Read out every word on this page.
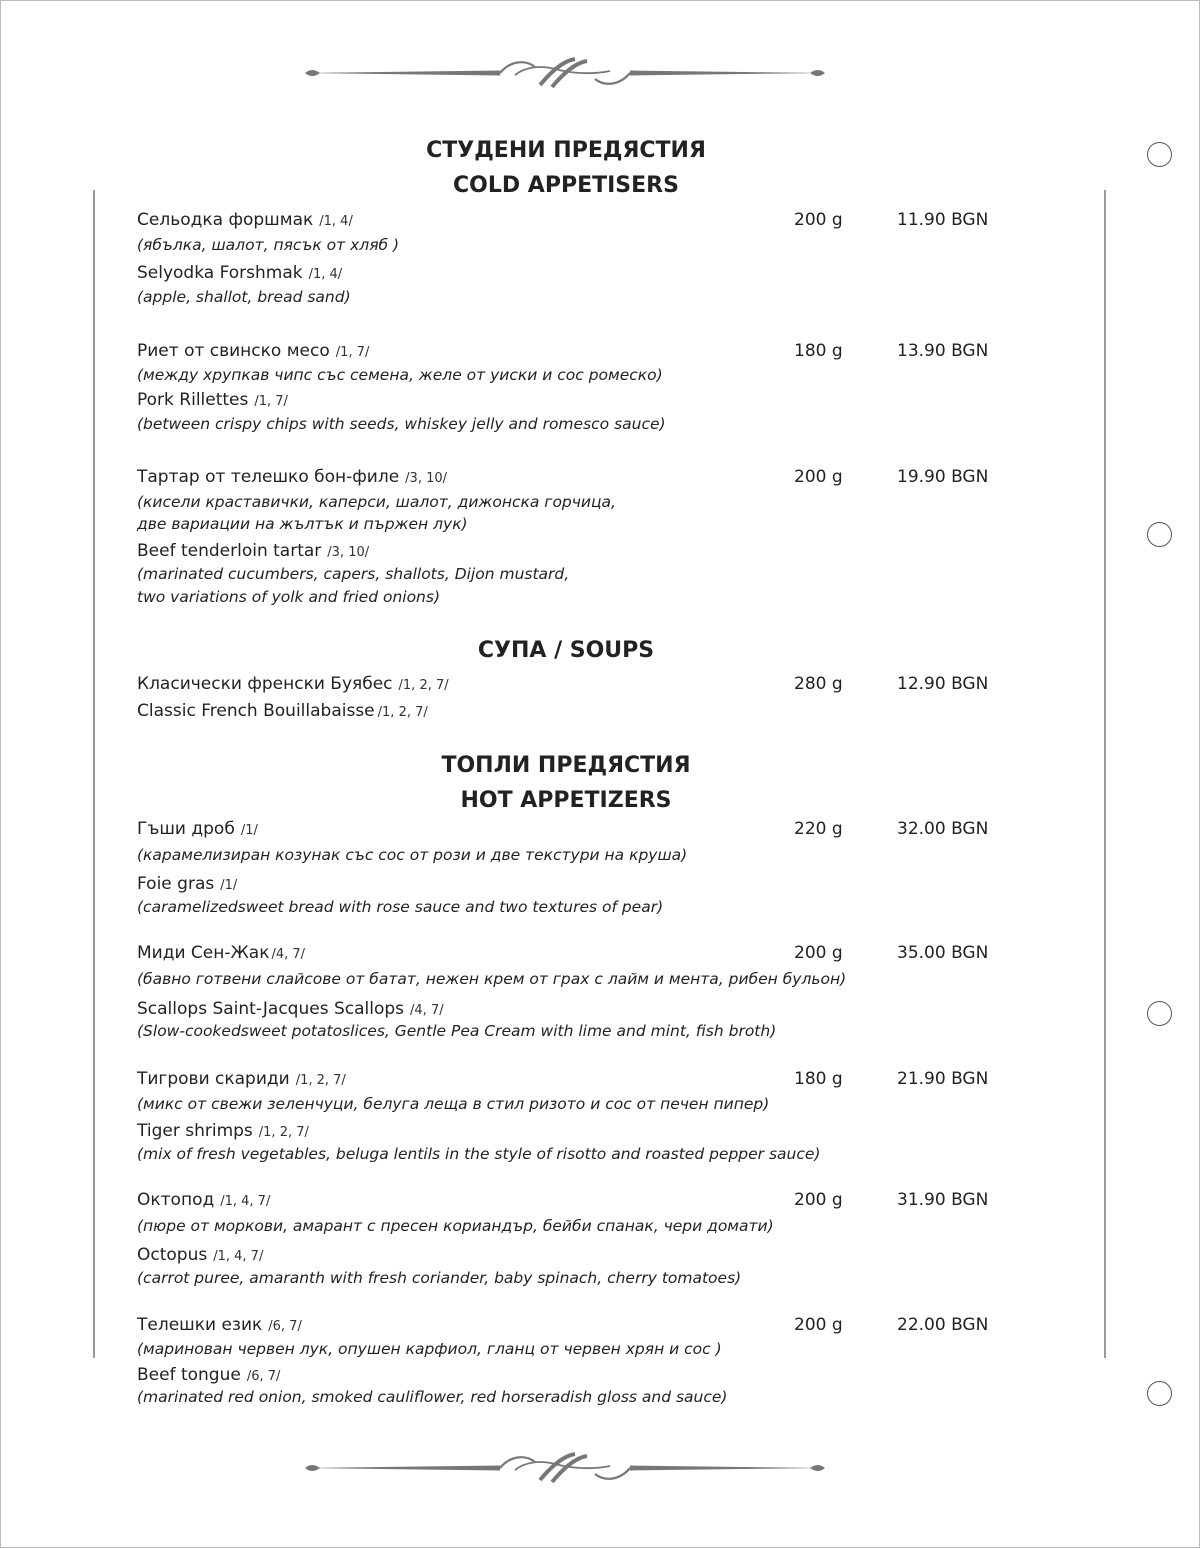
СТУДЕНИ ПРЕДЯСТИЯ
COLD APPETISERS
Сельодка форшмак /1, 4/	200 g	11.90 BGN
(ябълка, шалот, пясък от хляб )
Selyodka Forshmak /1, 4/
(apple, shallot, bread sand)
Риет от свинско месо /1, 7/	180 g	13.90 BGN
(между хрупкав чипс със семена, желе от уиски и сос ромеско)
Pork Rillettes /1, 7/
(between crispy chips with seeds, whiskey jelly and romesco sauce)
Тартар от телешко бон-филе /3, 10/	200 g	19.90 BGN
(кисели краставички, каперси, шалот, дижонска горчица,
две вариации на жълтък и пържен лук)
Beef tenderloin tartar /3, 10/
(marinated cucumbers, capers, shallots, Dijon mustard,
two variations of yolk and fried onions)
СУПА / SOUPS
Класически френски Буябес /1, 2, 7/	280 g	12.90 BGN
Classic French Bouillabaisse /1, 2, 7/
ТОПЛИ ПРЕДЯСТИЯ
HOT APPETIZERS
Гъши дроб /1/	220 g	32.00 BGN
(карамелизиран козунак със сос от рози и две текстури на круша)
Foie gras /1/
(caramelizedsweet bread with rose sauce and two textures of pear)
Миди Сен-Жак /4, 7/	200 g	35.00 BGN
(бавно готвени слайсове от батат, нежен крем от грах с лайм и мента, рибен бульон)
Scallops Saint-Jacques Scallops /4, 7/
(Slow-cookedsweet potatoslices, Gentle Pea Cream with lime and mint, fish broth)
Тигрови скариди /1, 2, 7/	180 g	21.90 BGN
(микс от свежи зеленчуци, белуга леща в стил ризото и сос от печен пипер)
Tiger shrimps /1, 2, 7/
(mix of fresh vegetables, beluga lentils in the style of risotto and roasted pepper sauce)
Октопод /1, 4, 7/	200 g	31.90 BGN
(пюре от моркови, амарант с пресен кориандър, бейби спанак, чери домати)
Octopus /1, 4, 7/
(carrot puree, amaranth with fresh coriander, baby spinach, cherry tomatoes)
Телешки език /6, 7/	200 g	22.00 BGN
(маринован червен лук, опушен карфиол, гланц от червен хрян и сос )
Beef tongue /6, 7/
(marinated red onion, smoked cauliflower, red horseradish gloss and sauce)
